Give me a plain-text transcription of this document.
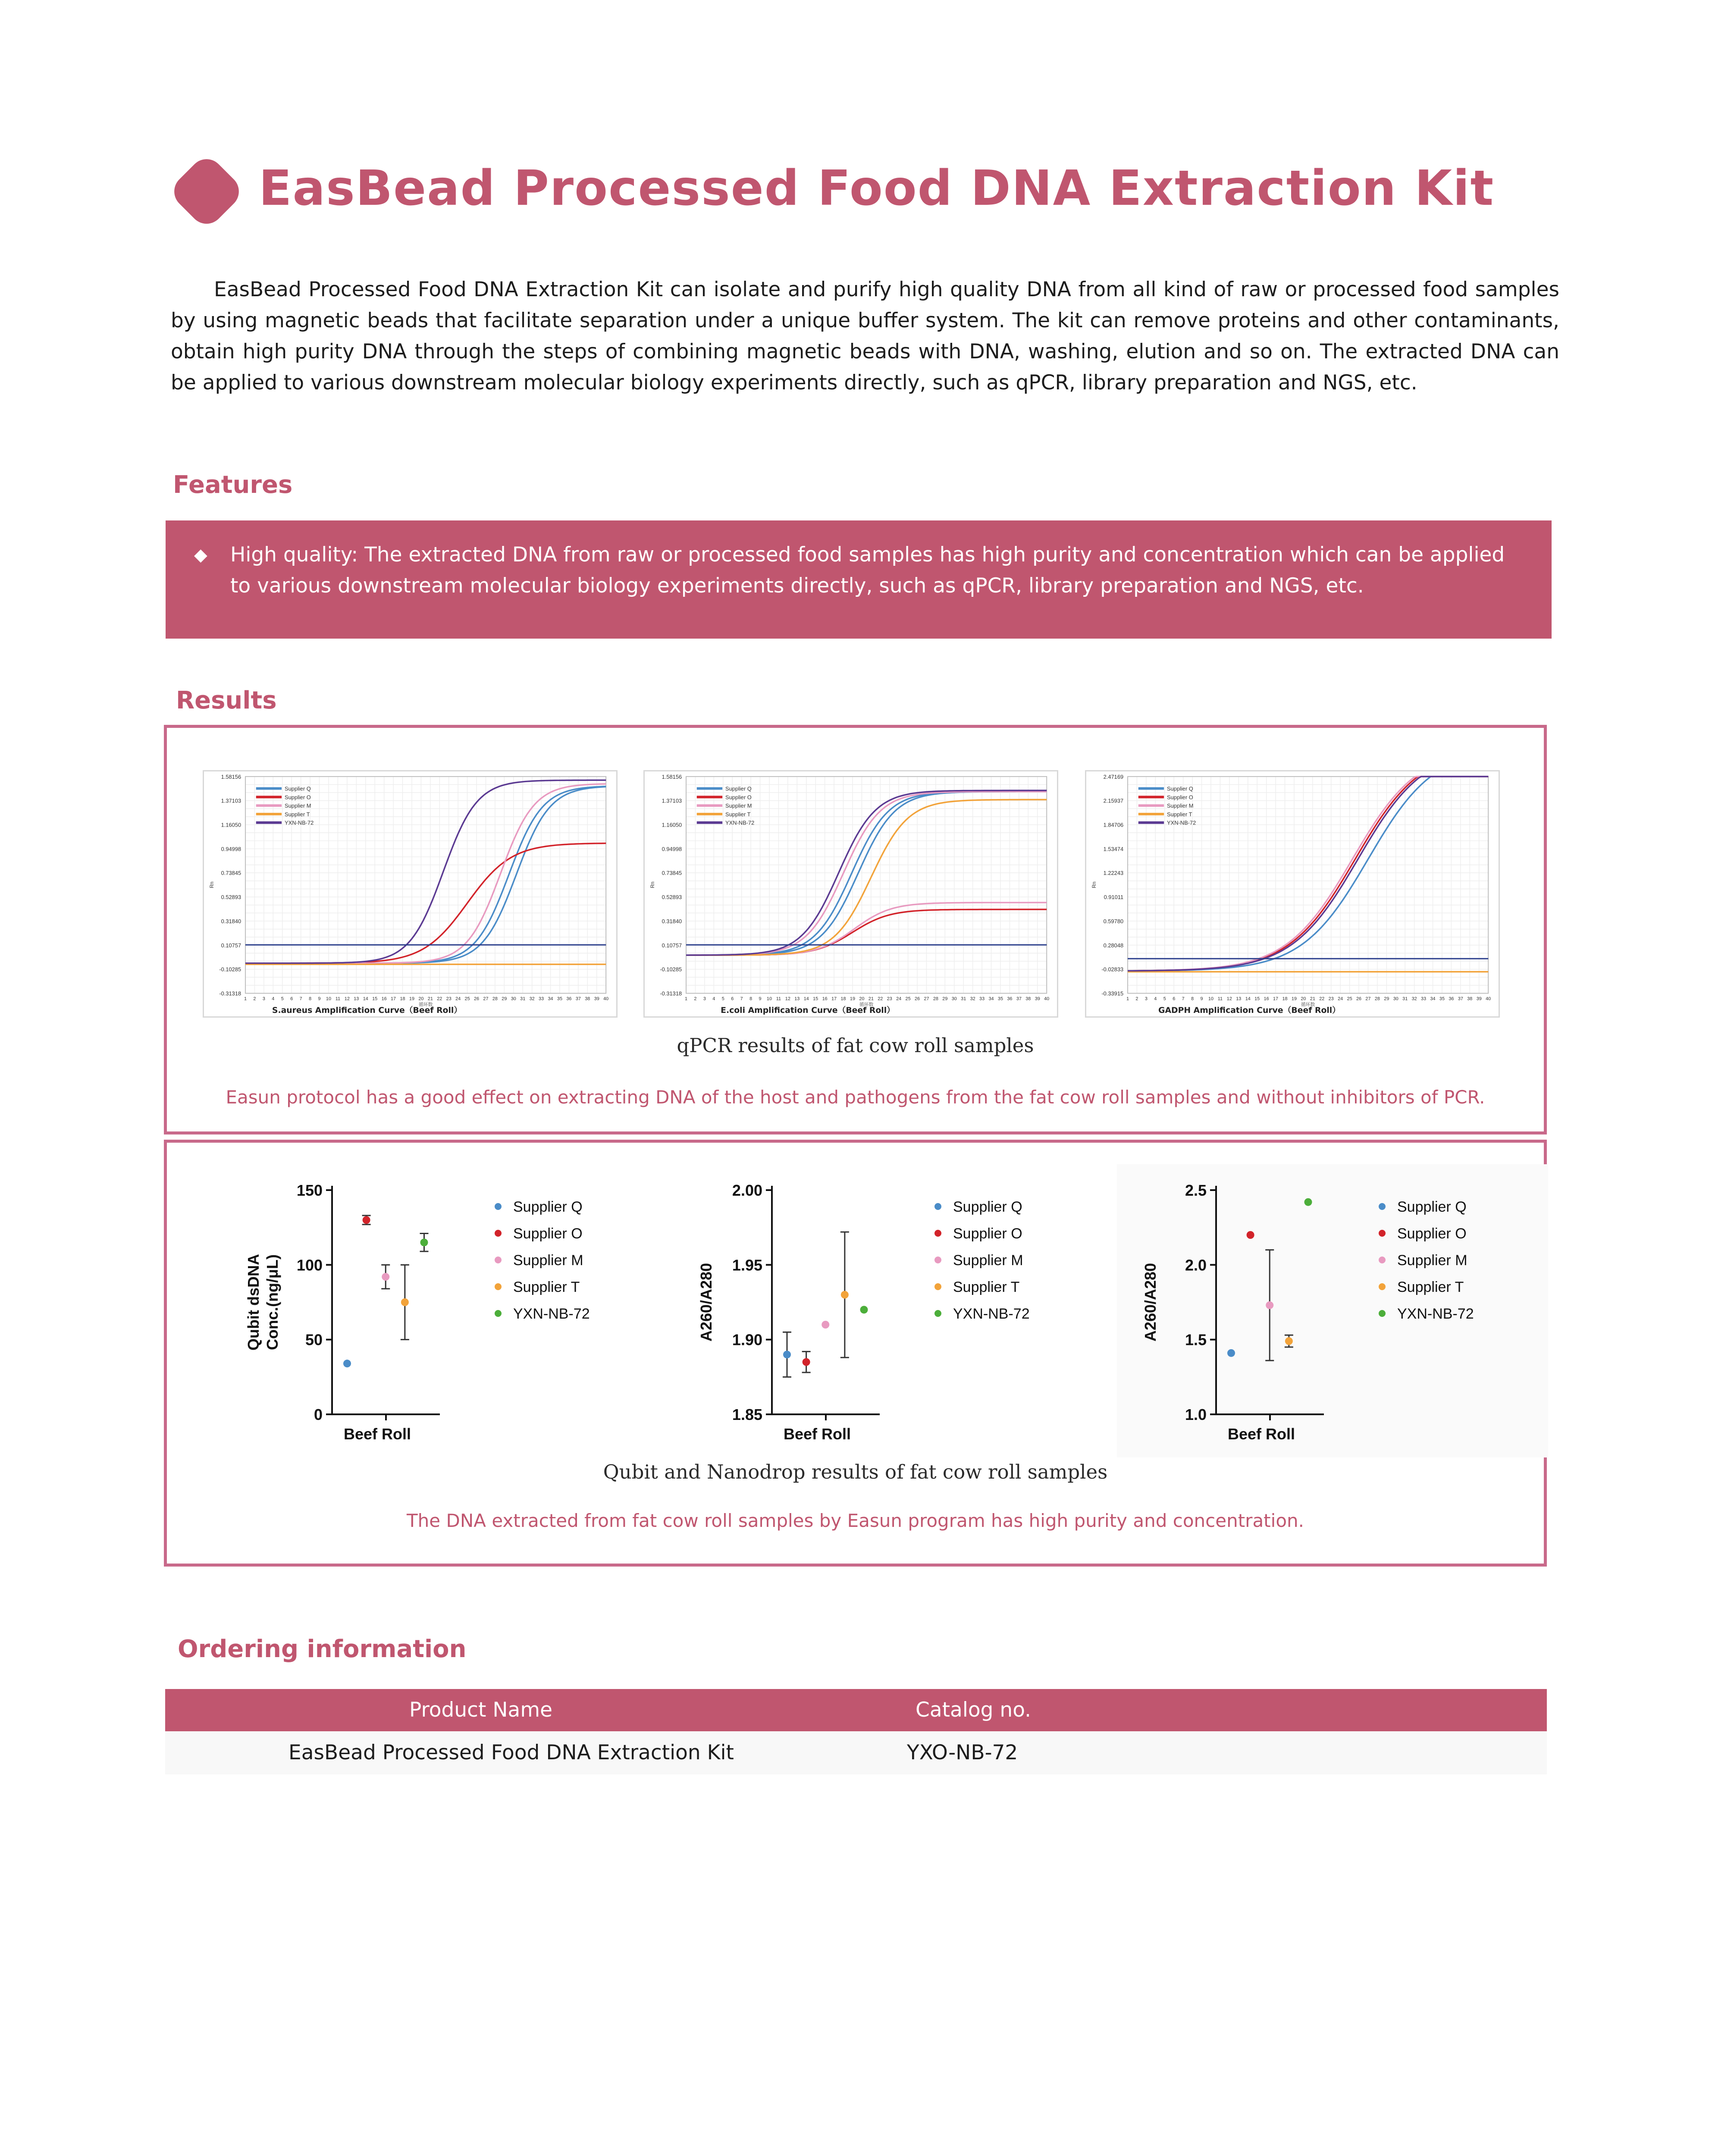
EasBead Processed Food DNA Extraction Kit

EasBead Processed Food DNA Extraction Kit can isolate and purify high quality DNA from all kind of raw or processed food samples by using magnetic beads that facilitate separation under a unique buffer system. The kit can remove proteins and other contaminants, obtain high purity DNA through the steps of combining magnetic beads with DNA, washing, elution and so on. The extracted DNA can be applied to various downstream molecular biology experiments directly, such as qPCR, library preparation and NGS, etc.

Features
◆ High quality: The extracted DNA from raw or processed food samples has high purity and concentration which can be applied to various downstream molecular biology experiments directly, such as qPCR, library preparation and NGS, etc.
Results
-0.31318
-0.10285
0.10757
0.31840
0.52893
0.73845
0.94998
1.16050
1.37103
1.58156
1 2 3 4 5 6 7 8 9 10 11 12 13 14 15 16 17 18 19 20 21 22 23 24 25 26 27 28 29 30 31 32 33 34 35 36 37 38 39 40
循环数
Rn
Supplier Q
Supplier O
Supplier M
Supplier T
YXN-NB-72
S.aureus Amplification Curve（Beef Roll）
-0.31318
-0.10285
0.10757
0.31840
0.52893
0.73845
0.94998
1.16050
1.37103
1.58156
1 2 3 4 5 6 7 8 9 10 11 12 13 14 15 16 17 18 19 20 21 22 23 24 25 26 27 28 29 30 31 32 33 34 35 36 37 38 39 40
循环数
Rn
Supplier Q
Supplier O
Supplier M
Supplier T
YXN-NB-72
E.coli Amplification Curve（Beef Roll）
-0.33915
-0.02833
0.28048
0.59780
0.91011
1.22243
1.53474
1.84706
2.15937
2.47169
1 2 3 4 5 6 7 8 9 10 11 12 13 14 15 16 17 18 19 20 21 22 23 24 25 26 27 28 29 30 31 32 33 34 35 36 37 38 39 40
循环数
Rn
Supplier Q
Supplier O
Supplier M
Supplier T
YXN-NB-72
GADPH Amplification Curve（Beef Roll）
qPCR results of fat cow roll samples
Easun protocol has a good effect on extracting DNA of the host and pathogens from the fat cow roll samples and without inhibitors of PCR.
0
50
100
150
Beef Roll
Qubit dsDNA Conc.(ng/μL)
Supplier Q
Supplier O
Supplier M
Supplier T
YXN-NB-72
1.85
1.90
1.95
2.00
Beef Roll
A260/A280
Supplier Q
Supplier O
Supplier M
Supplier T
YXN-NB-72
1.0
1.5
2.0
2.5
Beef Roll
A260/A280
Supplier Q
Supplier O
Supplier M
Supplier T
YXN-NB-72
Qubit and Nanodrop results of fat cow roll samples
The DNA extracted from fat cow roll samples by Easun program has high purity and concentration.
Ordering information
Product Name	Catalog no.
EasBead Processed Food DNA Extraction Kit	YXO-NB-72
